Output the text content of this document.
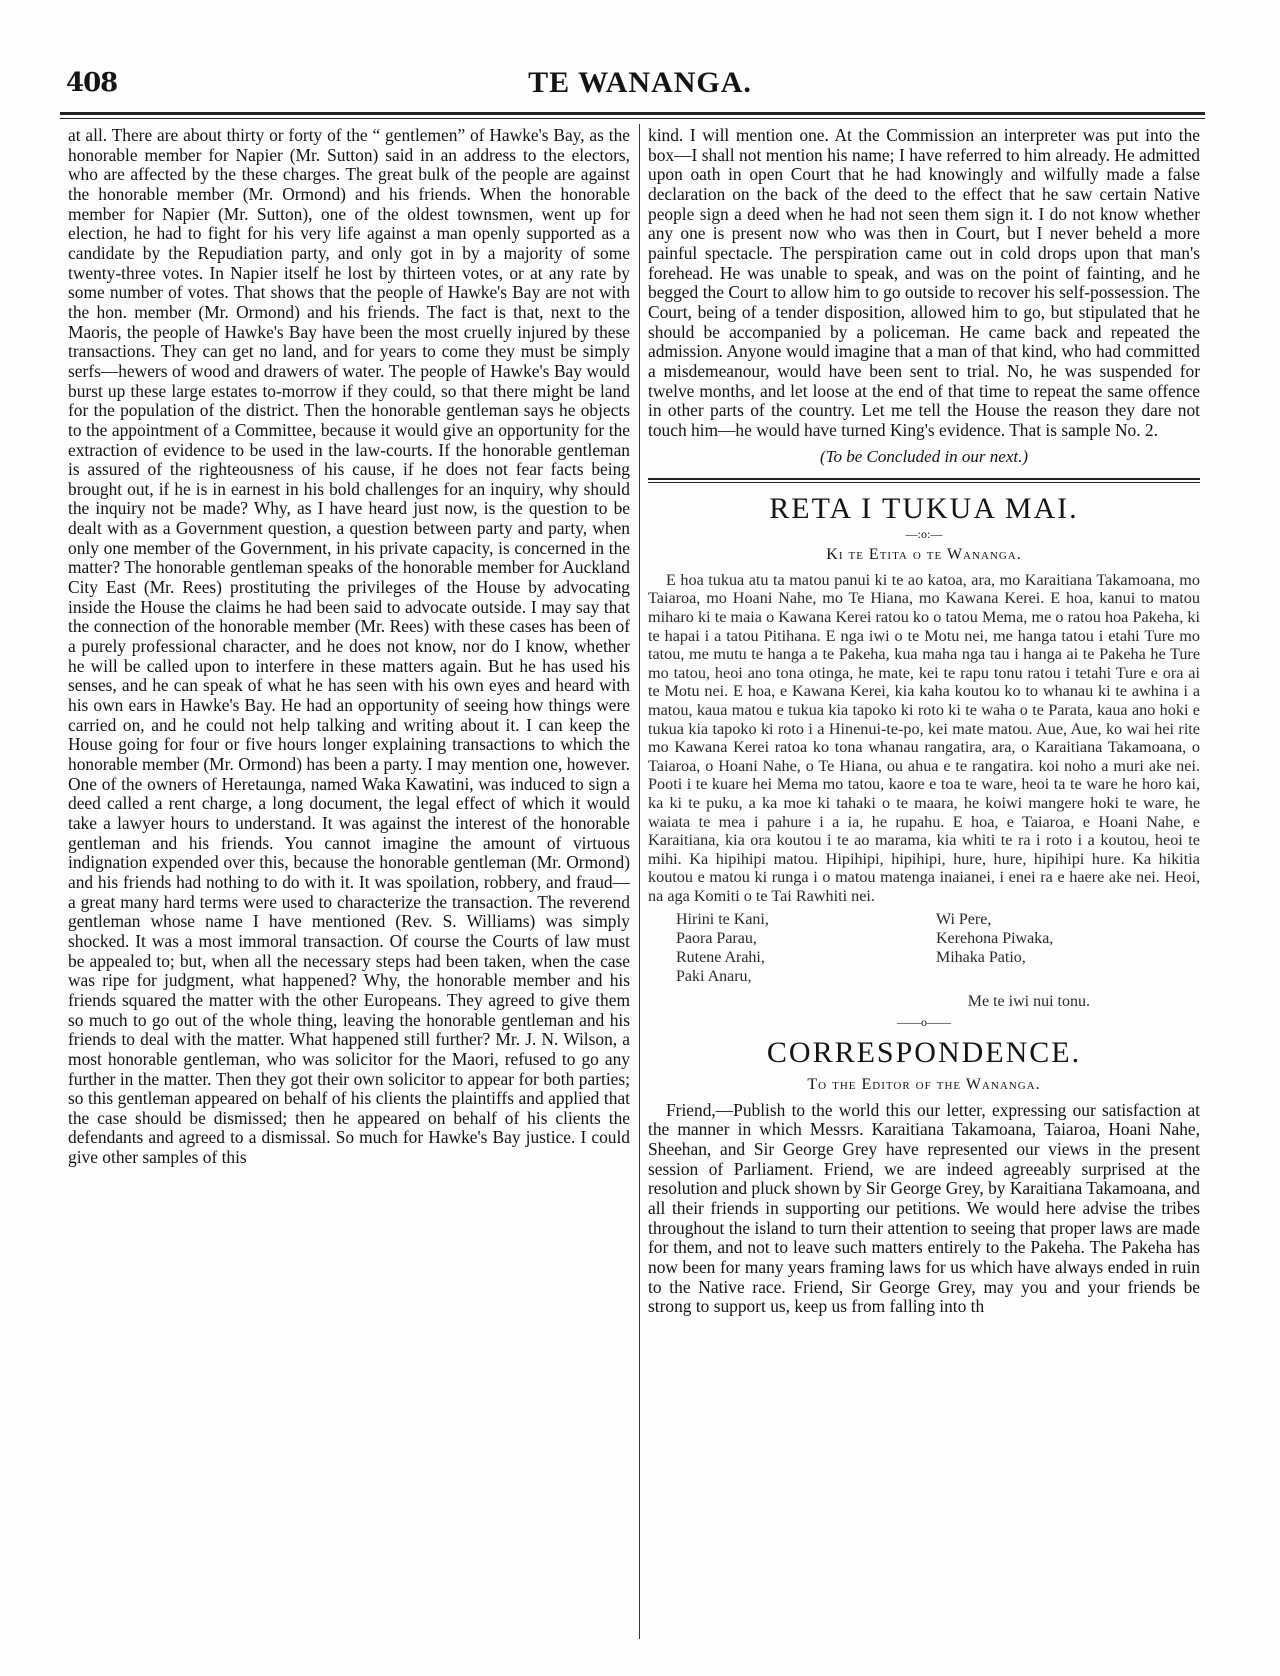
408	TE WANANGA.

at all. There are about thirty or forty of the “ gentlemen” of Hawke's Bay, as the honorable member for Napier (Mr. Sutton) said in an address to the electors, who are affected by the these charges. The great bulk of the people are against the honorable member (Mr. Ormond) and his friends. When the honorable member for Napier (Mr. Sutton), one of the oldest townsmen, went up for election, he had to fight for his very life against a man openly supported as a candidate by the Repudiation party, and only got in by a majority of some twenty-three votes. In Napier itself he lost by thirteen votes, or at any rate by some number of votes. That shows that the people of Hawke's Bay are not with the hon. member (Mr. Ormond) and his friends. The fact is that, next to the Maoris, the people of Hawke's Bay have been the most cruelly injured by these transactions. They can get no land, and for years to come they must be simply serfs—hewers of wood and drawers of water. The people of Hawke's Bay would burst up these large estates to-morrow if they could, so that there might be land for the population of the district. Then the honorable gentleman says he objects to the appointment of a Committee, because it would give an opportunity for the extraction of evidence to be used in the law-courts. If the honorable gentleman is assured of the righteousness of his cause, if he does not fear facts being brought out, if he is in earnest in his bold challenges for an inquiry, why should the inquiry not be made? Why, as I have heard just now, is the question to be dealt with as a Government question, a question between party and party, when only one member of the Government, in his private capacity, is concerned in the matter? The honorable gentleman speaks of the honorable member for Auckland City East (Mr. Rees) prostituting the privileges of the House by advocating inside the House the claims he had been said to advocate outside. I may say that the connection of the honorable member (Mr. Rees) with these cases has been of a purely professional character, and he does not know, nor do I know, whether he will be called upon to interfere in these matters again. But he has used his senses, and he can speak of what he has seen with his own eyes and heard with his own ears in Hawke's Bay. He had an opportunity of seeing how things were carried on, and he could not help talking and writing about it. I can keep the House going for four or five hours longer explaining transactions to which the honorable member (Mr. Ormond) has been a party. I may mention one, however. One of the owners of Heretaunga, named Waka Kawatini, was induced to sign a deed called a rent charge, a long document, the legal effect of which it would take a lawyer hours to understand. It was against the interest of the honorable gentleman and his friends. You cannot imagine the amount of virtuous indignation expended over this, because the honorable gentleman (Mr. Ormond) and his friends had nothing to do with it. It was spoilation, robbery, and fraud—a great many hard terms were used to characterize the transaction. The reverend gentleman whose name I have mentioned (Rev. S. Williams) was simply shocked. It was a most immoral transaction. Of course the Courts of law must be appealed to; but, when all the necessary steps had been taken, when the case was ripe for judgment, what happened? Why, the honorable member and his friends squared the matter with the other Europeans. They agreed to give them so much to go out of the whole thing, leaving the honorable gentleman and his friends to deal with the matter. What happened still further? Mr. J. N. Wilson, a most honorable gentleman, who was solicitor for the Maori, refused to go any further in the matter. Then they got their own solicitor to appear for both parties; so this gentleman appeared on behalf of his clients the plaintiffs and applied that the case should be dismissed; then he appeared on behalf of his clients the defendants and agreed to a dismissal. So much for Hawke's Bay justice. I could give other samples of this

kind. I will mention one. At the Commission an interpreter was put into the box—I shall not mention his name; I have referred to him already. He admitted upon oath in open Court that he had knowingly and wilfully made a false declaration on the back of the deed to the effect that he saw certain Native people sign a deed when he had not seen them sign it. I do not know whether any one is present now who was then in Court, but I never beheld a more painful spectacle. The perspiration came out in cold drops upon that man's forehead. He was unable to speak, and was on the point of fainting, and he begged the Court to allow him to go outside to recover his self-possession. The Court, being of a tender disposition, allowed him to go, but stipulated that he should be accompanied by a policeman. He came back and repeated the admission. Anyone would imagine that a man of that kind, who had committed a misdemeanour, would have been sent to trial. No, he was suspended for twelve months, and let loose at the end of that time to repeat the same offence in other parts of the country. Let me tell the House the reason they dare not touch him—he would have turned King's evidence. That is sample No. 2.

(To be Concluded in our next.)

RETA I TUKUA MAI.
—:o:—
Ki te Etita o te Wananga.

E hoa tukua atu ta matou panui ki te ao katoa, ara, mo Karaitiana Takamoana, mo Taiaroa, mo Hoani Nahe, mo Te Hiana, mo Kawana Kerei. E hoa, kanui to matou miharo ki te maia o Kawana Kerei ratou ko o tatou Mema, me o ratou hoa Pakeha, ki te hapai i a tatou Pitihana. E nga iwi o te Motu nei, me hanga tatou i etahi Ture mo tatou, me mutu te hanga a te Pakeha, kua maha nga tau i hanga ai te Pakeha he Ture mo tatou, heoi ano tona otinga, he mate, kei te rapu tonu ratou i tetahi Ture e ora ai te Motu nei. E hoa, e Kawana Kerei, kia kaha koutou ko to whanau ki te awhina i a matou, kaua matou e tukua kia tapoko ki roto ki te waha o te Parata, kaua ano hoki e tukua kia tapoko ki roto i a Hinenui-te-po, kei mate matou. Aue, Aue, ko wai hei rite mo Kawana Kerei ratoa ko tona whanau rangatira, ara, o Karaitiana Takamoana, o Taiaroa, o Hoani Nahe, o Te Hiana, ou ahua e te rangatira. koi noho a muri ake nei. Pooti i te kuare hei Mema mo tatou, kaore e toa te ware, heoi ta te ware he horo kai, ka ki te puku, a ka moe ki tahaki o te maara, he koiwi mangere hoki te ware, he waiata te mea i pahure i a ia, he rupahu. E hoa, e Taiaroa, e Hoani Nahe, e Karaitiana, kia ora koutou i te ao marama, kia whiti te ra i roto i a koutou, heoi te mihi. Ka hipihipi matou. Hipihipi, hipihipi, hure, hure, hipihipi hure. Ka hikitia koutou e matou ki runga i o matou matenga inaianei, i enei ra e haere ake nei. Heoi, na aga Komiti o te Tai Rawhiti nei.

Hirini te Kani,	Wi Pere,
Paora Parau,	Kerehona Piwaka,
Rutene Arahi,	Mihaka Patio,
Paki Anaru,
Me te iwi nui tonu.
——o——
CORRESPONDENCE.
To the Editor of the Wananga.

Friend,—Publish to the world this our letter, expressing our satisfaction at the manner in which Messrs. Karaitiana Takamoana, Taiaroa, Hoani Nahe, Sheehan, and Sir George Grey have represented our views in the present session of Parliament. Friend, we are indeed agreeably surprised at the resolution and pluck shown by Sir George Grey, by Karaitiana Takamoana, and all their friends in supporting our petitions. We would here advise the tribes throughout the island to turn their attention to seeing that proper laws are made for them, and not to leave such matters entirely to the Pakeha. The Pakeha has now been for many years framing laws for us which have always ended in ruin to the Native race. Friend, Sir George Grey, may you and your friends be strong to support us, keep us from falling into th
